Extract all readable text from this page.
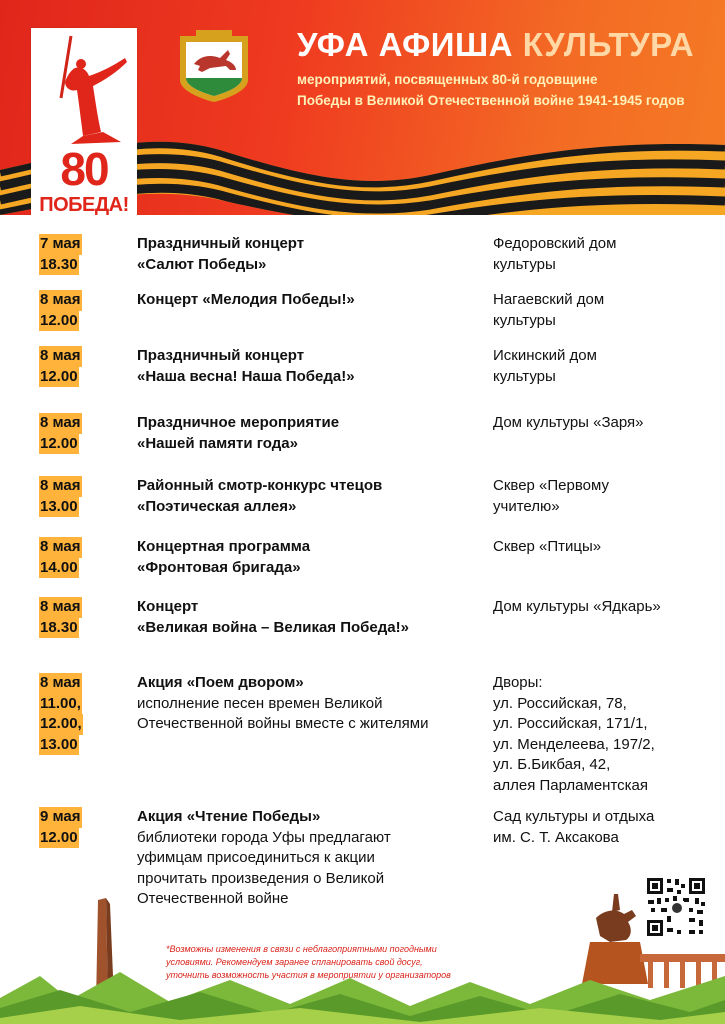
80
ПОБЕДА!
УФА АФИША КУЛЬТУРА
мероприятий, посвященных 80-й годовщине
Победы в Великой Отечественной войне 1941-1945 годов
7 мая
18.30
Праздничный концерт
«Салют Победы»
Федоровский дом
культуры
8 мая
12.00
Концерт «Мелодия Победы!»	Нагаевский дом
культуры
8 мая
12.00
Праздничный концерт
«Наша весна! Наша Победа!»
Искинский дом
культуры
8 мая
12.00
Праздничное мероприятие
«Нашей памяти года»
Дом культуры «Заря»
8 мая
13.00
Районный смотр-конкурс чтецов
«Поэтическая аллея»
Сквер «Первому
учителю»
8 мая
14.00
Концертная программа
«Фронтовая бригада»
Сквер «Птицы»
8 мая
18.30
Концерт
«Великая война – Великая Победа!»
Дом культуры «Ядкарь»
8 мая
11.00,
12.00,
13.00
Акция «Поем двором»
исполнение песен времен Великой
Отечественной войны вместе с жителями
Дворы:
ул. Российская, 78,
ул. Российская, 171/1,
ул. Менделеева, 197/2,
ул. Б.Бикбая, 42,
аллея Парламентская
9 мая
12.00
Акция «Чтение Победы»
библиотеки города Уфы предлагают
уфимцам присоединиться к акции
прочитать произведения о Великой
Отечественной войне
Сад культуры и отдыха
им. С. Т. Аксакова
*Возможны изменения в связи с неблагоприятными погодными
условиями. Рекомендуем заранее спланировать свой досуг,
уточнить возможность участия в мероприятии у организаторов
